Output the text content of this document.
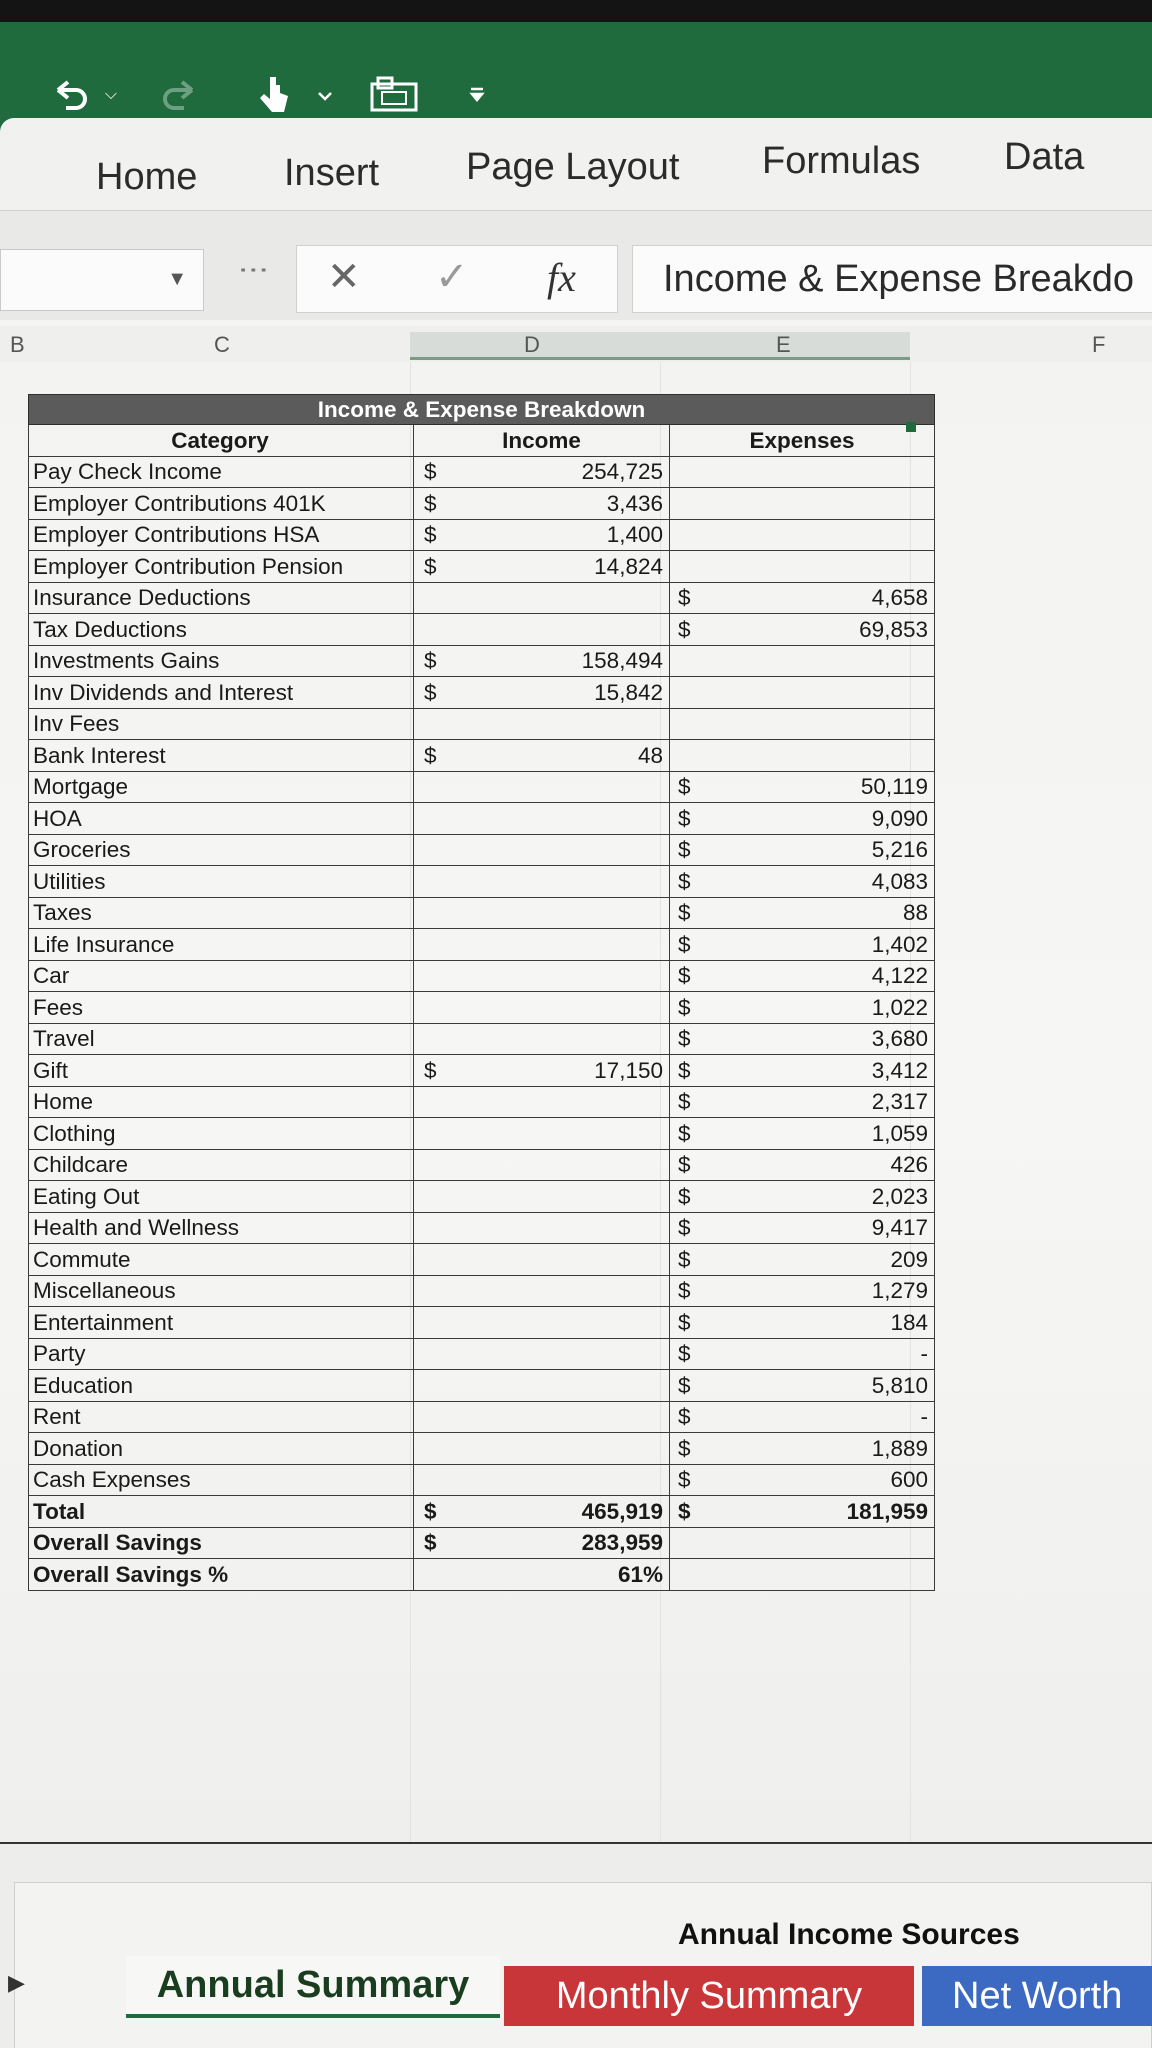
⌵
Home Insert Page Layout Formulas Data
▼ ⋮ ✕ ✓ fx Income & Expense Breakdo
B	C	D	E	F
Income & Expense Breakdown				
Category	Income		Expenses	
Pay Check Income	$	254,725		
Employer Contributions 401K	$	3,436		
Employer Contributions HSA	$	1,400		
Employer Contribution Pension	$	14,824		
Insurance Deductions			$	4,658
Tax Deductions			$	69,853
Investments Gains	$	158,494		
Inv Dividends and Interest	$	15,842		
Inv Fees				
Bank Interest	$	48		
Mortgage			$	50,119
HOA			$	9,090
Groceries			$	5,216
Utilities			$	4,083
Taxes			$	88
Life Insurance			$	1,402
Car			$	4,122
Fees			$	1,022
Travel			$	3,680
Gift	$	17,150	$	3,412
Home			$	2,317
Clothing			$	1,059
Childcare			$	426
Eating Out			$	2,023
Health and Wellness			$	9,417
Commute			$	209
Miscellaneous			$	1,279
Entertainment			$	184
Party			$	-
Education			$	5,810
Rent			$	-
Donation			$	1,889
Cash Expenses			$	600
Total	$	465,919	$	181,959
Overall Savings	$	283,959		
Overall Savings %		61%		
▶
Annual Income Sources
Annual Summary	Monthly Summary	Net Worth
